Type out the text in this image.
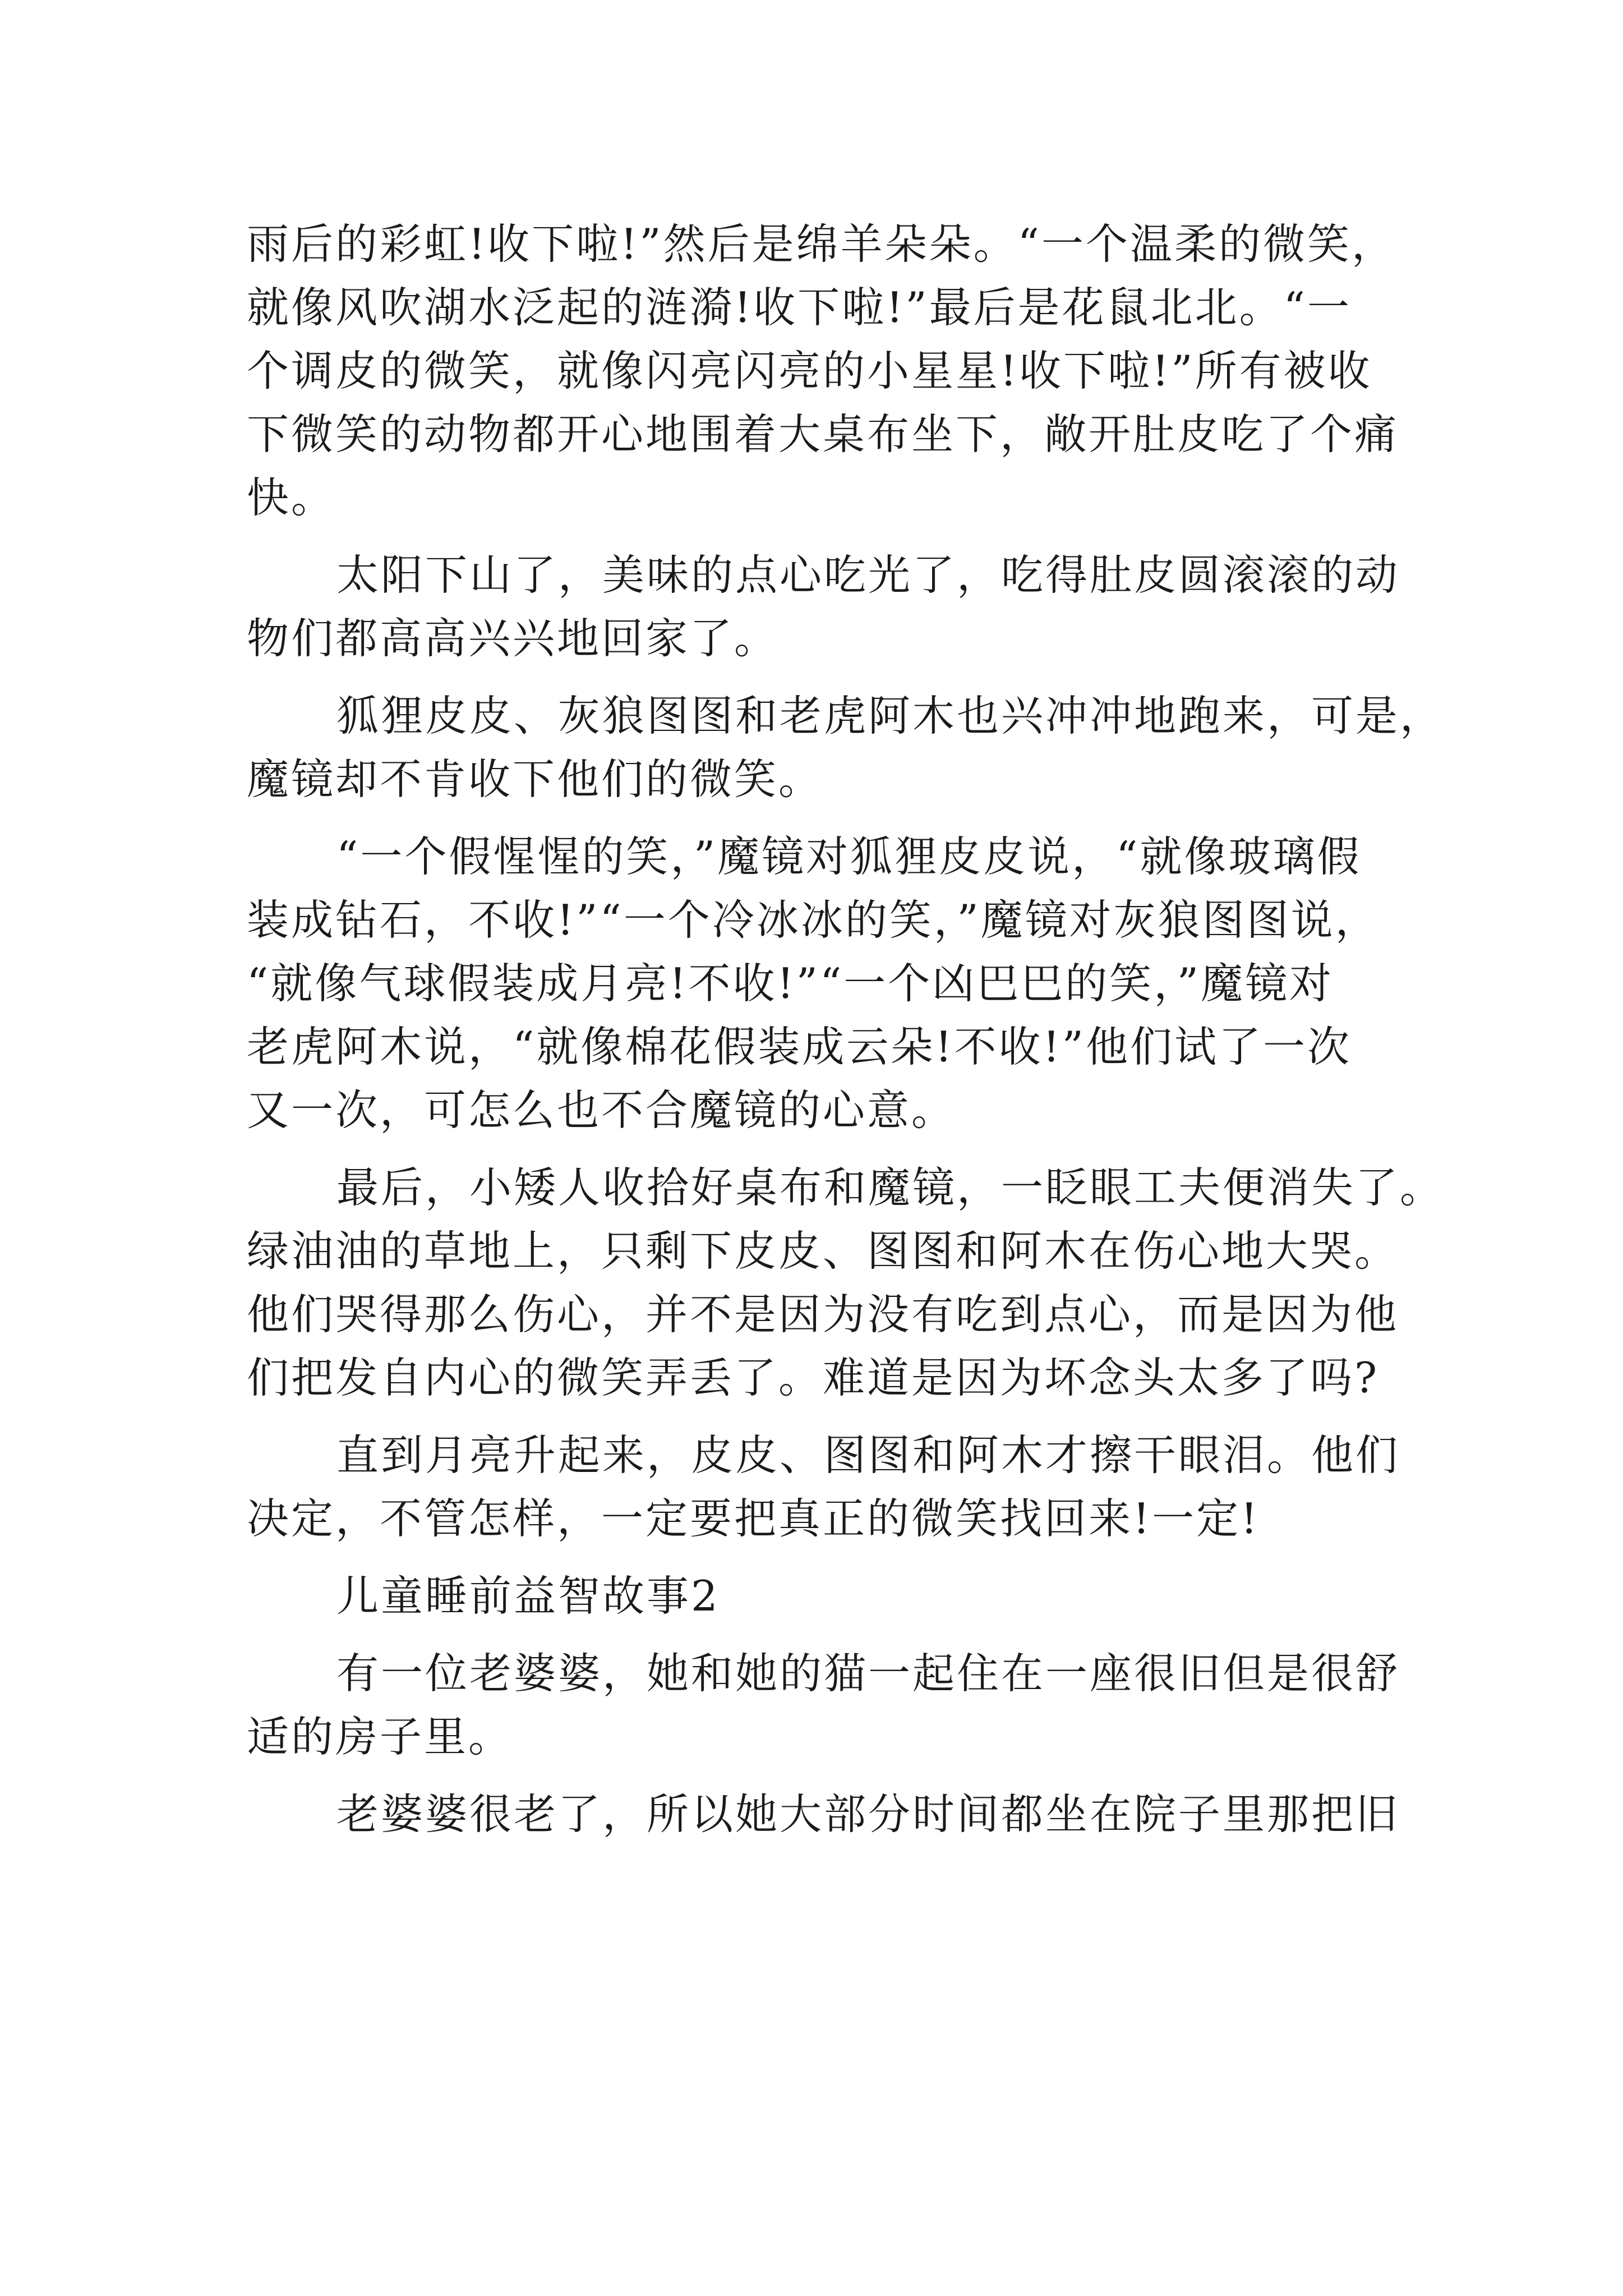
雨后的彩虹!收下啦!”然后是绵羊朵朵。“一个温柔的微笑，
就像风吹湖水泛起的涟漪!收下啦!”最后是花鼠北北。“一
个调皮的微笑，就像闪亮闪亮的小星星!收下啦!”所有被收
下微笑的动物都开心地围着大桌布坐下，敞开肚皮吃了个痛
快。
太阳下山了，美味的点心吃光了，吃得肚皮圆滚滚的动
物们都高高兴兴地回家了。
狐狸皮皮、灰狼图图和老虎阿木也兴冲冲地跑来，可是，
魔镜却不肯收下他们的微笑。
“一个假惺惺的笑，”魔镜对狐狸皮皮说，“就像玻璃假
装成钻石，不收!”“一个冷冰冰的笑，”魔镜对灰狼图图说，
“就像气球假装成月亮!不收!”“一个凶巴巴的笑，”魔镜对
老虎阿木说，“就像棉花假装成云朵!不收!”他们试了一次
又一次，可怎么也不合魔镜的心意。
最后，小矮人收拾好桌布和魔镜，一眨眼工夫便消失了。
绿油油的草地上，只剩下皮皮、图图和阿木在伤心地大哭。
他们哭得那么伤心，并不是因为没有吃到点心，而是因为他
们把发自内心的微笑弄丢了。难道是因为坏念头太多了吗?
直到月亮升起来，皮皮、图图和阿木才擦干眼泪。他们
决定，不管怎样，一定要把真正的微笑找回来!一定!
儿童睡前益智故事2
有一位老婆婆，她和她的猫一起住在一座很旧但是很舒
适的房子里。
老婆婆很老了，所以她大部分时间都坐在院子里那把旧
